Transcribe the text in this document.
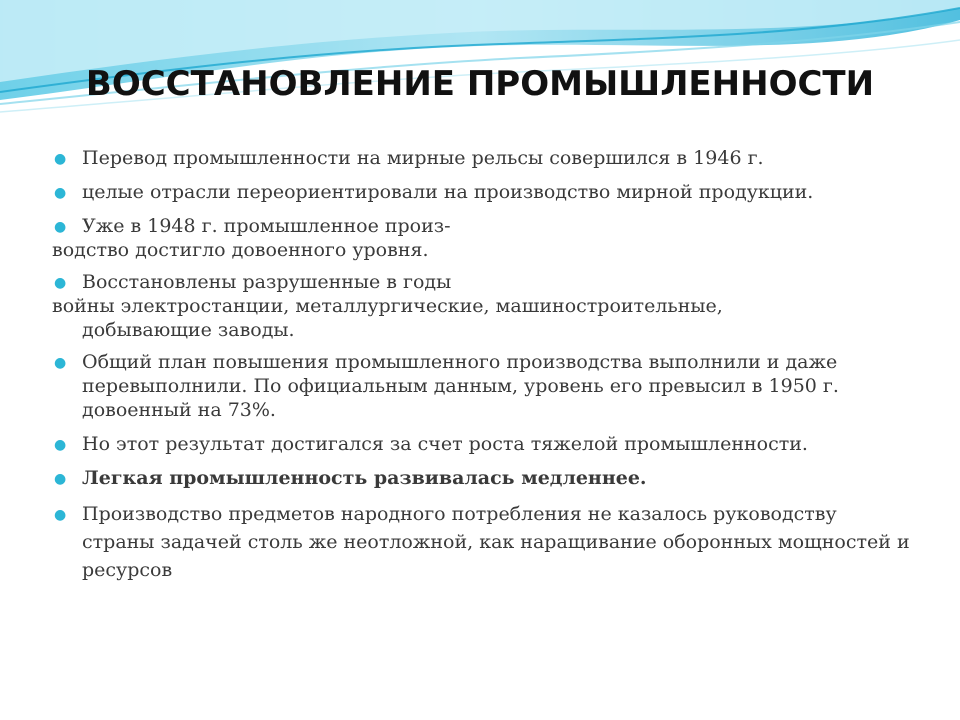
ВОССТАНОВЛЕНИЕ ПРОМЫШЛЕННОСТИ
● Перевод промышленности на мирные рельсы совершился в 1946 г.
● целые отрасли переориентировали на производство мирной продукции.
● Уже в 1948 г. промышленное произ-
водство достигло довоенного уровня.
● Восстановлены разрушенные в годы
войны электростанции, металлургические, машиностроительные,
добывающие заводы.
● Общий план повышения промышленного производства выполнили и даже перевыполнили. По официальным данным, уровень его превысил в 1950 г. довоенный на 73%.
● Но этот результат достигался за счет роста тяжелой промышленности.
● Легкая промышленность развивалась медленнее.
● Производство предметов народного потребления не казалось руководству страны задачей столь же неотложной, как наращивание оборонных мощностей и ресурсов
